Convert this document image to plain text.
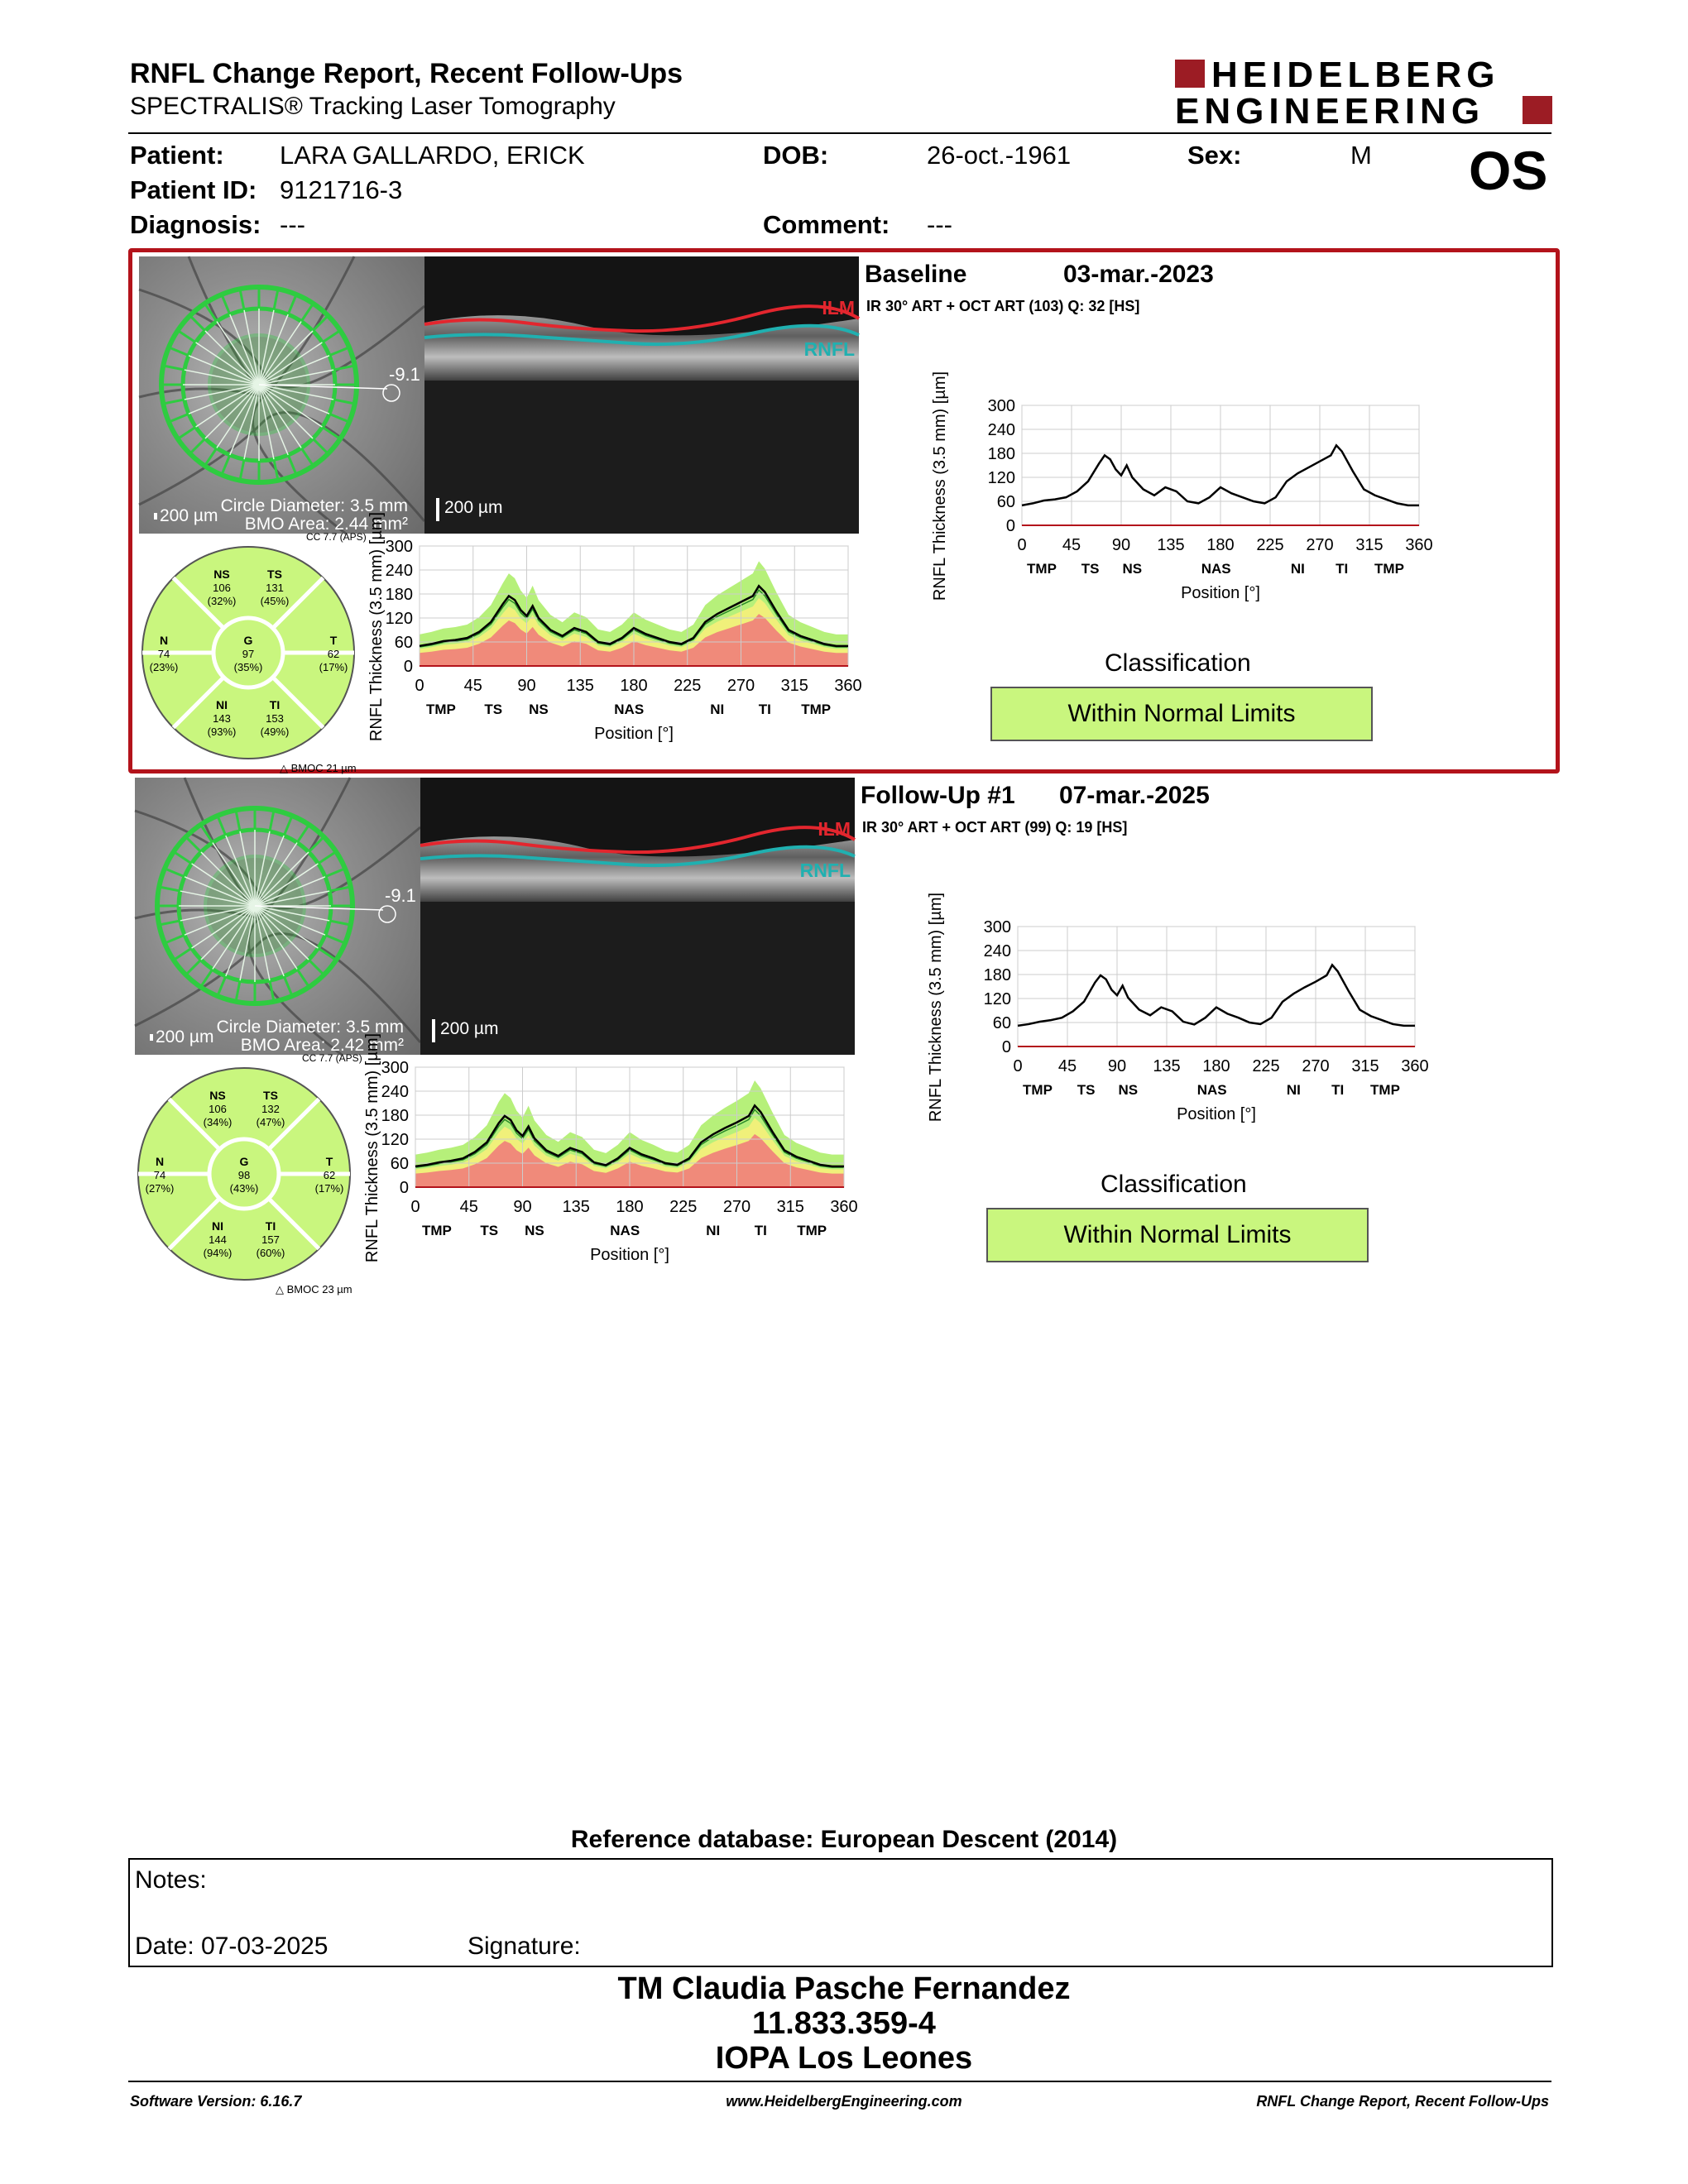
RNFL Change Report, Recent Follow-Ups
SPECTRALIS® Tracking Laser Tomography
HEIDELBERG
ENGINEERING
Patient: LARA GALLARDO, ERICK	DOB:	26-oct.-1961	Sex:	M
Patient ID: 9121716-3	OS
Diagnosis: ---	Comment: ---
-9.1
200 µm
Circle Diameter: 3.5 mm
BMO Area: 2.44 mm²
ILM
RNFL
200 µm
CC 7.7 (APS)
NS
106
(32%)
TS
131
(45%)
N
74
(23%)
G
97
(35%)
T
62
(17%)
NI
143
(93%)
TI
153
(49%)
△ BMOC 21 µm
0
60
120
180
240
300
0 45 90 135 180 225 270 315 360
TMP TS NS	NAS	NI TI TMP
Position [°]
RNFL Thickness (3.5 mm) [µm]
Baseline	03-mar.-2023
IR 30° ART + OCT ART (103) Q: 32 [HS]
0
60
120
180
240
300
0 45 90 135 180 225 270 315 360
TMP TS NS	NAS	NI TI TMP
Position [°]
RNFL Thickness (3.5 mm) [µm]
Classification
Within Normal Limits
-9.1
200 µm
Circle Diameter: 3.5 mm
BMO Area: 2.42 mm²
ILM
RNFL
200 µm
CC 7.7 (APS)
NS
106
(34%)
TS
132
(47%)
N
74
(27%)
G
98
(43%)
T
62
(17%)
NI
144
(94%)
TI
157
(60%)
△ BMOC 23 µm
0
60
120
180
240
300
0 45 90 135 180 225 270 315 360
TMP TS NS	NAS	NI TI TMP
Position [°]
RNFL Thickness (3.5 mm) [µm]
Follow-Up #1 07-mar.-2025
IR 30° ART + OCT ART (99) Q: 19 [HS]
0
60
120
180
240
300
0 45 90 135 180 225 270 315 360
TMP TS NS	NAS	NI TI TMP
Position [°]
RNFL Thickness (3.5 mm) [µm]
Classification
Within Normal Limits
Reference database: European Descent (2014)
Notes:
Date: 07-03-2025	Signature:
TM Claudia Pasche Fernandez
11.833.359-4
IOPA Los Leones
Software Version: 6.16.7	www.HeidelbergEngineering.com	RNFL Change Report, Recent Follow-Ups
